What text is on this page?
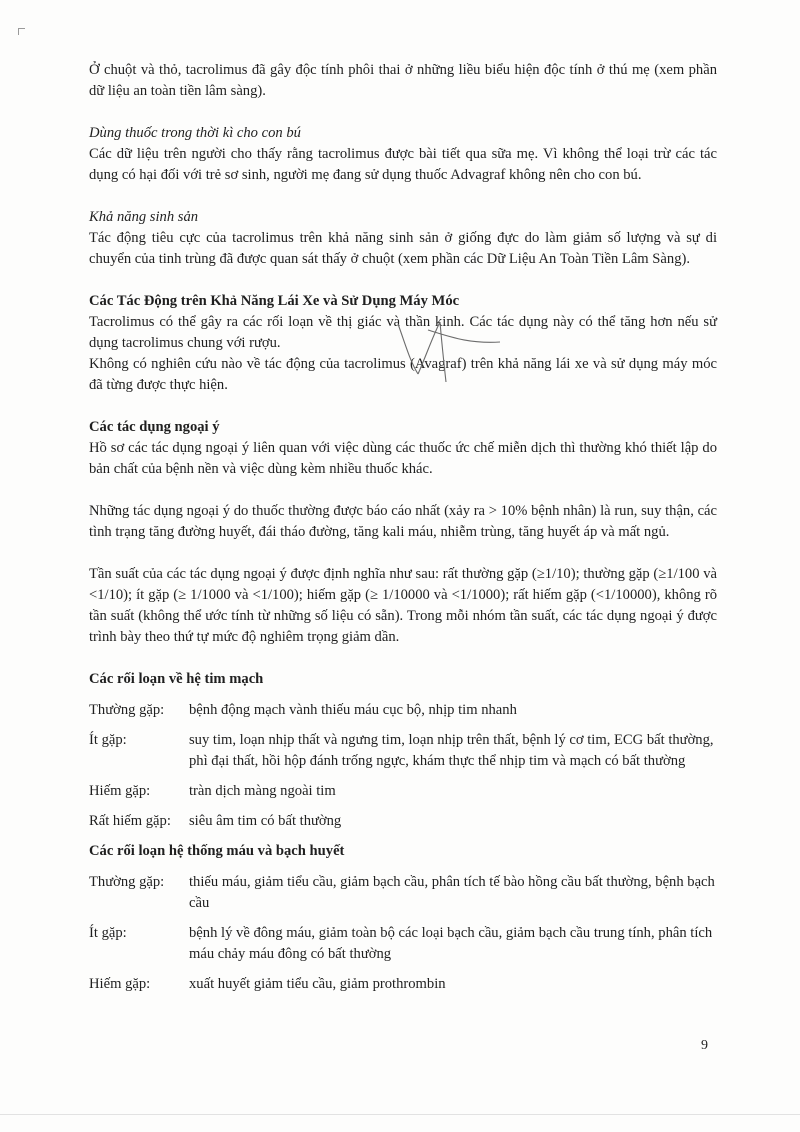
Ở chuột và thỏ, tacrolimus đã gây độc tính phôi thai ở những liều biểu hiện độc tính ở thú mẹ (xem phần dữ liệu an toàn tiền lâm sàng).

Dùng thuốc trong thời kì cho con bú

Các dữ liệu trên người cho thấy rằng tacrolimus được bài tiết qua sữa mẹ. Vì không thể loại trừ các tác dụng có hại đối với trẻ sơ sinh, người mẹ đang sử dụng thuốc Advagraf không nên cho con bú.

Khả năng sinh sản

Tác động tiêu cực của tacrolimus trên khả năng sinh sản ở giống đực do làm giảm số lượng và sự di chuyển của tinh trùng đã được quan sát thấy ở chuột (xem phần các Dữ Liệu An Toàn Tiền Lâm Sàng).

Các Tác Động trên Khả Năng Lái Xe và Sử Dụng Máy Móc

Tacrolimus có thể gây ra các rối loạn về thị giác và thần kinh. Các tác dụng này có thể tăng hơn nếu sử dụng tacrolimus chung với rượu.

Không có nghiên cứu nào về tác động của tacrolimus (Avagraf) trên khả năng lái xe và sử dụng máy móc đã từng được thực hiện.

Các tác dụng ngoại ý

Hồ sơ các tác dụng ngoại ý liên quan với việc dùng các thuốc ức chế miễn dịch thì thường khó thiết lập do bản chất của bệnh nền và việc dùng kèm nhiều thuốc khác.

Những tác dụng ngoại ý do thuốc thường được báo cáo nhất (xảy ra > 10% bệnh nhân) là run, suy thận, các tình trạng tăng đường huyết, đái tháo đường, tăng kali máu, nhiễm trùng, tăng huyết áp và mất ngủ.

Tần suất của các tác dụng ngoại ý được định nghĩa như sau: rất thường gặp (≥1/10); thường gặp (≥1/100 và <1/10); ít gặp (≥ 1/1000 và <1/100); hiếm gặp (≥ 1/10000 và <1/1000); rất hiếm gặp (<1/10000), không rõ tần suất (không thể ước tính từ những số liệu có sẵn). Trong mỗi nhóm tần suất, các tác dụng ngoại ý được trình bày theo thứ tự mức độ nghiêm trọng giảm dần.

Các rối loạn về hệ tim mạch

Thường gặp:	bệnh động mạch vành thiếu máu cục bộ, nhịp tim nhanh
Ít gặp:	suy tim, loạn nhịp thất và ngưng tim, loạn nhịp trên thất, bệnh lý cơ tim, ECG bất thường, phì đại thất, hồi hộp đánh trống ngực, khám thực thể nhịp tim và mạch có bất thường
Hiếm gặp:	tràn dịch màng ngoài tim
Rất hiếm gặp:	siêu âm tim có bất thường

Các rối loạn hệ thống máu và bạch huyết

Thường gặp:	thiếu máu, giảm tiểu cầu, giảm bạch cầu, phân tích tế bào hồng cầu bất thường, bệnh bạch cầu
Ít gặp:	bệnh lý về đông máu, giảm toàn bộ các loại bạch cầu, giảm bạch cầu trung tính, phân tích máu chảy máu đông có bất thường
Hiếm gặp:	xuất huyết giảm tiểu cầu, giảm prothrombin
9
